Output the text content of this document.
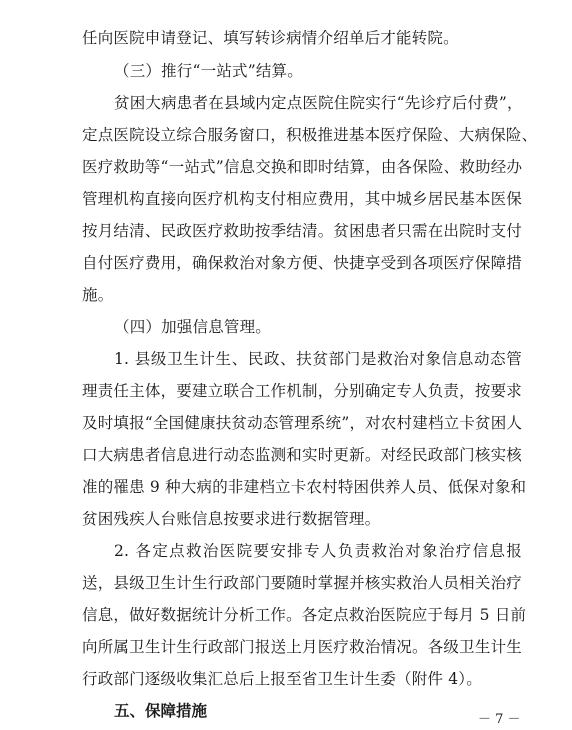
任向医院申请登记、填写转诊病情介绍单后才能转院。
（三）推行“一站式”结算。
贫困大病患者在县域内定点医院住院实行“先诊疗后付费”，
定点医院设立综合服务窗口，积极推进基本医疗保险、大病保险、
医疗救助等“一站式”信息交换和即时结算，由各保险、救助经办
管理机构直接向医疗机构支付相应费用，其中城乡居民基本医保
按月结清、民政医疗救助按季结清。贫困患者只需在出院时支付
自付医疗费用，确保救治对象方便、快捷享受到各项医疗保障措
施。
（四）加强信息管理。
1. 县级卫生计生、民政、扶贫部门是救治对象信息动态管
理责任主体，要建立联合工作机制，分别确定专人负责，按要求
及时填报“全国健康扶贫动态管理系统”，对农村建档立卡贫困人
口大病患者信息进行动态监测和实时更新。对经民政部门核实核
准的罹患 9 种大病的非建档立卡农村特困供养人员、低保对象和
贫困残疾人台账信息按要求进行数据管理。
2. 各定点救治医院要安排专人负责救治对象治疗信息报
送，县级卫生计生行政部门要随时掌握并核实救治人员相关治疗
信息，做好数据统计分析工作。各定点救治医院应于每月 5 日前
向所属卫生计生行政部门报送上月医疗救治情况。各级卫生计生
行政部门逐级收集汇总后上报至省卫生计生委（附件 4）。
五、保障措施	－ 7 －
